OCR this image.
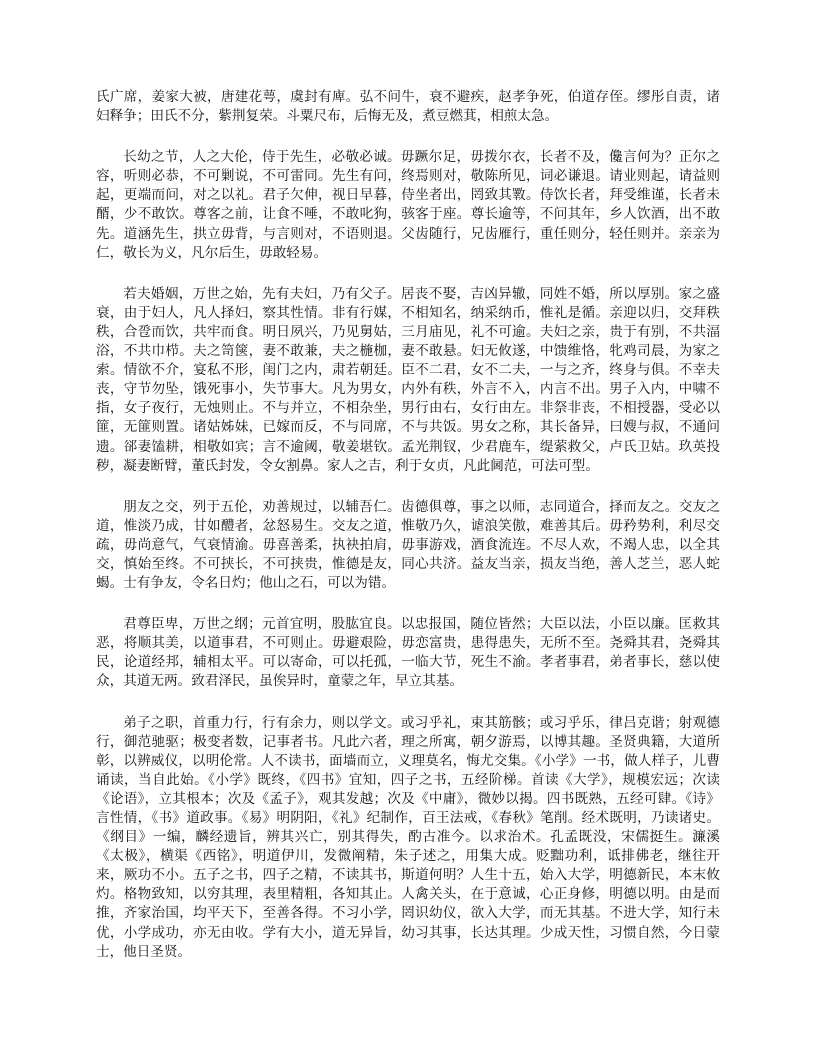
氏广席，姜家大被，唐建花萼，虞封有庳。弘不问牛，衰不避疾，赵孝争死，伯道存侄。缪彤自责，诸妇释争；田氏不分，紫荆复荣。斗粟尺布，后悔无及，煮豆燃萁，相煎太急。

长幼之节，人之大伦，侍于先生，必敬必诚。毋蹶尔足，毋拨尔衣，长者不及，儳言何为？正尔之容，听则必恭，不可剿说，不可雷同。先生有问，终焉则对，敬陈所见，词必谦退。请业则起，请益则起，更端而问，对之以礼。君子欠伸，视日早暮，侍坐者出，罔致其斁。侍饮长者，拜受维谨，长者未醑，少不敢饮。尊客之前，让食不唾，不敢叱狗，骇客于座。尊长逾等，不问其年，乡人饮酒，出不敢先。道涵先生，拱立毋背，与言则对，不语则退。父齿随行，兄齿雁行，重任则分，轻任则并。亲亲为仁，敬长为义，凡尔后生，毋敢轻易。

若夫婚姻，万世之始，先有夫妇，乃有父子。居丧不娶，吉凶异辙，同姓不婚，所以厚别。家之盛衰，由于妇人，凡人择妇，察其性情。非有行媒，不相知名，纳采纳币，惟礼是循。亲迎以归，交拜秩秩，合卺而饮，共牢而食。明日夙兴，乃见舅姑，三月庙见，礼不可逾。夫妇之亲，贵于有别，不共湢浴，不共巾栉。夫之笥箧，妻不敢兼，夫之椸枷，妻不敢悬。妇无攸遂，中馈维恪，牝鸡司晨，为家之索。情欲不介，宴私不形，闺门之内，肃若朝廷。臣不二君，女不二夫，一与之齐，终身与俱。不幸夫丧，守节勿坠，饿死事小，失节事大。凡为男女，内外有秩，外言不入，内言不出。男子入内，中啸不指，女子夜行，无烛则止。不与并立，不相杂坐，男行由右，女行由左。非祭非丧，不相授器，受必以篚，无篚则置。诸姑姊妹，已嫁而反，不与同席，不与共饭。男女之称，其长备异，曰嫂与叔，不通问遗。郤妻馌耕，相敬如宾；言不逾阈，敬姜堪钦。孟光荆钗，少君鹿车，缇萦救父，卢氏卫姑。玖英投秽，凝妻断臂，董氏封发，令女割鼻。家人之吉，利于女贞，凡此阃范，可法可型。

朋友之交，列于五伦，劝善规过，以辅吾仁。齿德俱尊，事之以师，志同道合，择而友之。交友之道，惟淡乃成，甘如醴者，忿怒易生。交友之道，惟敬乃久，谑浪笑傲，难善其后。毋矜势利，利尽交疏，毋尚意气，气衰情渝。毋喜善柔，执袂拍肩，毋事游戏，酒食流连。不尽人欢，不竭人忠，以全其交，慎始至终。不可挟长，不可挟贵，惟德是友，同心共济。益友当亲，损友当绝，善人芝兰，恶人蛇蝎。士有争友，令名日灼；他山之石，可以为错。

君尊臣卑，万世之纲；元首宜明，股肱宜良。以忠报国，随位皆然；大臣以法，小臣以廉。匡救其恶，将顺其美，以道事君，不可则止。毋避艰险，毋恋富贵，患得患失，无所不至。尧舜其君，尧舜其民，论道经邦，辅相太平。可以寄命，可以托孤，一临大节，死生不渝。孝者事君，弟者事长，慈以使众，其道无两。致君泽民，虽俟异时，童蒙之年，早立其基。

弟子之职，首重力行，行有余力，则以学文。或习乎礼，束其筋骸；或习乎乐，律吕克谐；射观德行，御范驰驱；极变者数，记事者书。凡此六者，理之所寓，朝夕游焉，以博其趣。圣贤典籍，大道所彰，以辨威仪，以明伦常。人不读书，面墙而立，义理莫名，悔尤交集。《小学》一书，做人样子，儿曹诵读，当自此始。《小学》既终，《四书》宜知，四子之书，五经阶梯。首读《大学》，规模宏远；次读《论语》，立其根本；次及《孟子》，观其发越；次及《中庸》，微妙以揭。四书既熟，五经可肆。《诗》言性情，《书》道政事。《易》明阴阳，《礼》纪制作，百王法戒，《春秋》笔削。经术既明，乃读诸史。《纲目》一编，麟经遗旨，辨其兴亡，别其得失，酌古准今。以求治术。孔孟既没，宋儒挺生。濂溪《太极》，横渠《西铭》，明道伊川，发微阐精，朱子述之，用集大成。贬黜功利，诋排佛老，继往开来，厥功不小。五子之书，四子之精，不读其书，斯道何明？人生十五，始入大学，明德新民，本末攸灼。格物致知，以穷其理，表里精粗，各知其止。人禽关头，在于意诚，心正身修，明德以明。由是而推，齐家治国，均平天下，至善各得。不习小学，罔识幼仪，欲入大学，而无其基。不进大学，知行未优，小学成功，亦无由收。学有大小，道无异旨，幼习其事，长达其理。少成天性，习惯自然，今日蒙士，他日圣贤。
